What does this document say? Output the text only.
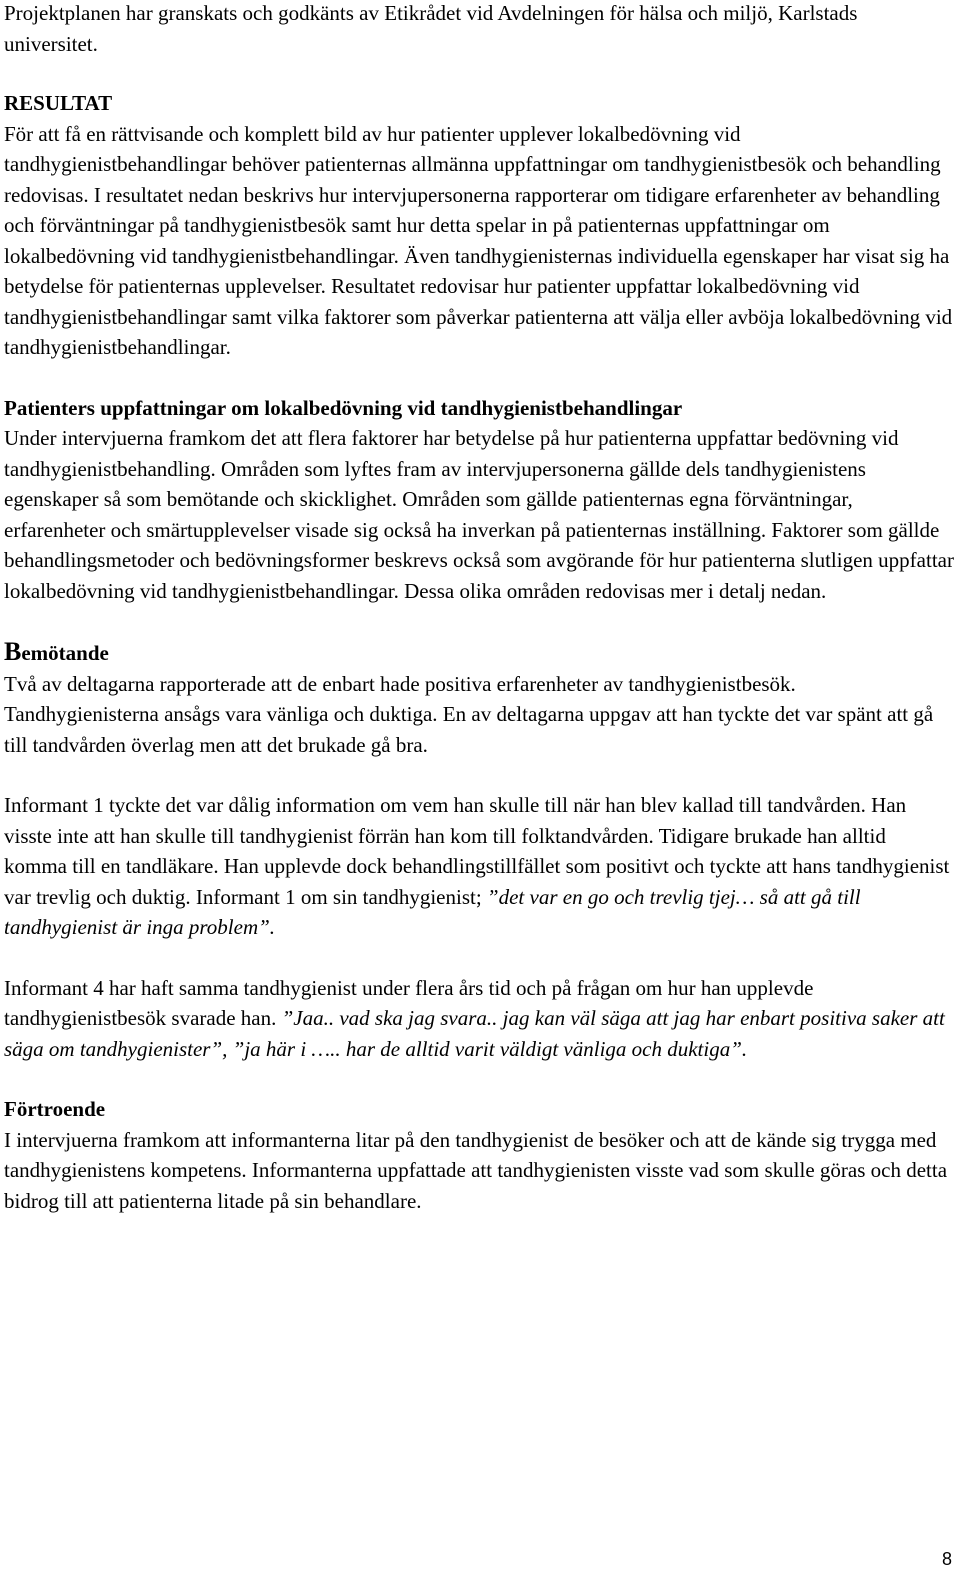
Projektplanen har granskats och godkänts av Etikrådet vid Avdelningen för hälsa och miljö, Karlstads universitet.

RESULTAT

För att få en rättvisande och komplett bild av hur patienter upplever lokalbedövning vid tandhygienistbehandlingar behöver patienternas allmänna uppfattningar om tandhygienistbesök och behandling redovisas. I resultatet nedan beskrivs hur intervjupersonerna rapporterar om tidigare erfarenheter av behandling och förväntningar på tandhygienistbesök samt hur detta spelar in på patienternas uppfattningar om lokalbedövning vid tandhygienistbehandlingar. Även tandhygienisternas individuella egenskaper har visat sig ha betydelse för patienternas upplevelser. Resultatet redovisar hur patienter uppfattar lokalbedövning vid tandhygienistbehandlingar samt vilka faktorer som påverkar patienterna att välja eller avböja lokalbedövning vid tandhygienistbehandlingar.

Patienters uppfattningar om lokalbedövning vid tandhygienistbehandlingar

Under intervjuerna framkom det att flera faktorer har betydelse på hur patienterna uppfattar bedövning vid tandhygienistbehandling. Områden som lyftes fram av intervjupersonerna gällde dels tandhygienistens egenskaper så som bemötande och skicklighet. Områden som gällde patienternas egna förväntningar, erfarenheter och smärtupplevelser visade sig också ha inverkan på patienternas inställning. Faktorer som gällde behandlingsmetoder och bedövningsformer beskrevs också som avgörande för hur patienterna slutligen uppfattar lokalbedövning vid tandhygienistbehandlingar. Dessa olika områden redovisas mer i detalj nedan.

Bemötande

Två av deltagarna rapporterade att de enbart hade positiva erfarenheter av tandhygienistbesök. Tandhygienisterna ansågs vara vänliga och duktiga. En av deltagarna uppgav att han tyckte det var spänt att gå till tandvården överlag men att det brukade gå bra.

Informant 1 tyckte det var dålig information om vem han skulle till när han blev kallad till tandvården. Han visste inte att han skulle till tandhygienist förrän han kom till folktandvården. Tidigare brukade han alltid komma till en tandläkare. Han upplevde dock behandlingstillfället som positivt och tyckte att hans tandhygienist var trevlig och duktig. Informant 1 om sin tandhygienist; ”det var en go och trevlig tjej… så att gå till tandhygienist är inga problem”.

Informant 4 har haft samma tandhygienist under flera års tid och på frågan om hur han upplevde tandhygienistbesök svarade han. ”Jaa.. vad ska jag svara.. jag kan väl säga att jag har enbart positiva saker att säga om tandhygienister”, ”ja här i ….. har de alltid varit väldigt vänliga och duktiga”.

Förtroende

I intervjuerna framkom att informanterna litar på den tandhygienist de besöker och att de kände sig trygga med tandhygienistens kompetens. Informanterna uppfattade att tandhygienisten visste vad som skulle göras och detta bidrog till att patienterna litade på sin behandlare.

8
